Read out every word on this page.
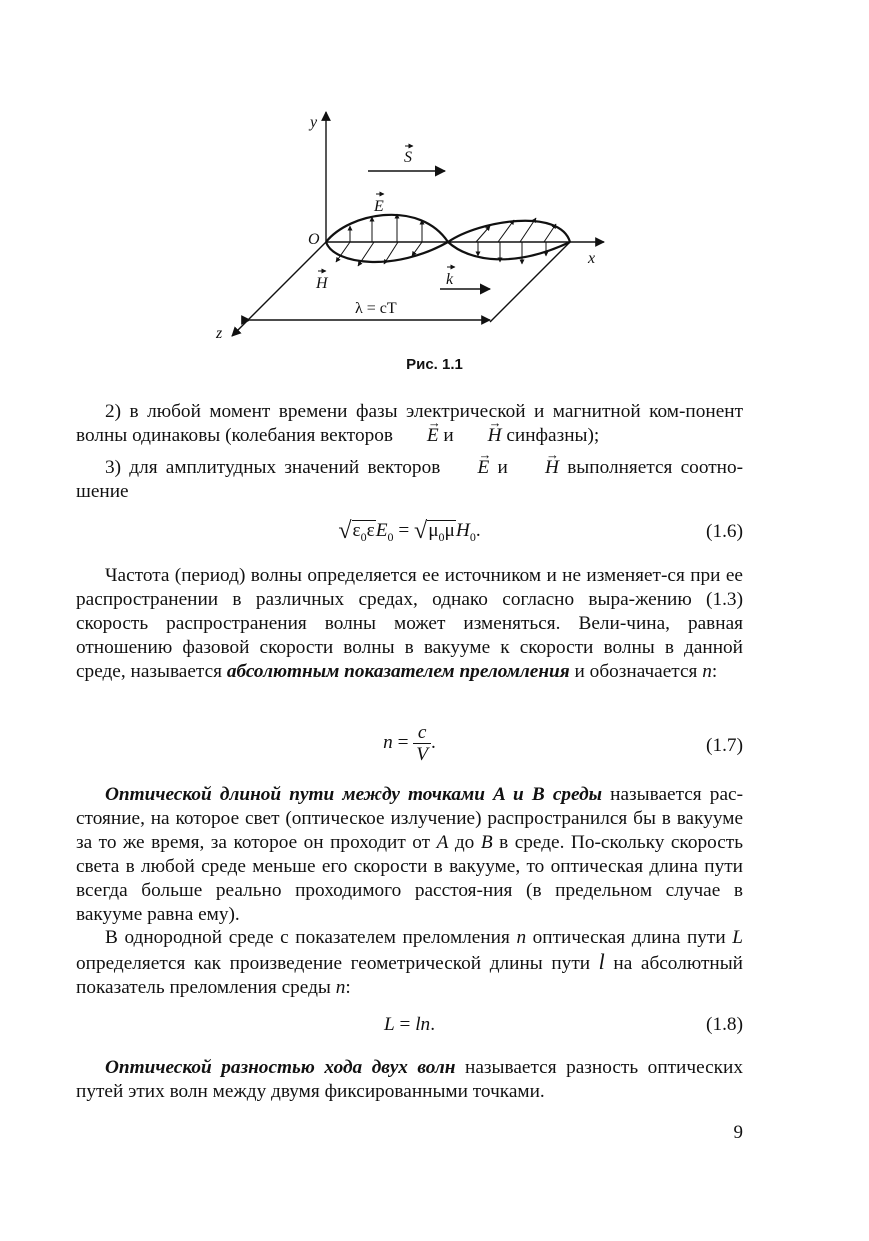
y
x
z
O
S
E
H	k
λ = cT
Рис. 1.1

2) в любой момент времени фазы электрической и магнитной ком-понент волны одинаковы (колебания векторов → E и → H синфазны);

3) для амплитудных значений векторов → E и → H выполняется соотно-шение

$√\varepsilon_0\varepsilon E_0 = √\mu_0\mu H_0$.	(1.6)

Частота (период) волны определяется ее источником и не изменяет-ся при ее распространении в различных средах, однако согласно выра-жению (1.3) скорость распространения волны может изменяться. Вели-чина, равная отношению фазовой скорости волны в вакууме к скорости волны в данной среде, называется абсолютным показателем преломления и обозначается n:

$n = \frac{c}{V}$ .	(1.7)

Оптической длиной пути между точками A и B среды называется рас-стояние, на которое свет (оптическое излучение) распространился бы в вакууме за то же время, за которое он проходит от A до B в среде. По-скольку скорость света в любой среде меньше его скорости в вакууме, то оптическая длина пути всегда больше реально проходимого расстоя-ния (в предельном случае в вакууме равна ему).

В однородной среде с показателем преломления n оптическая длина пути L определяется как произведение геометрической длины пути l на абсолютный показатель преломления среды n:

L = ln.	(1.8)

Оптической разностью хода двух волн называется разность оптических путей этих волн между двумя фиксированными точками.

9
